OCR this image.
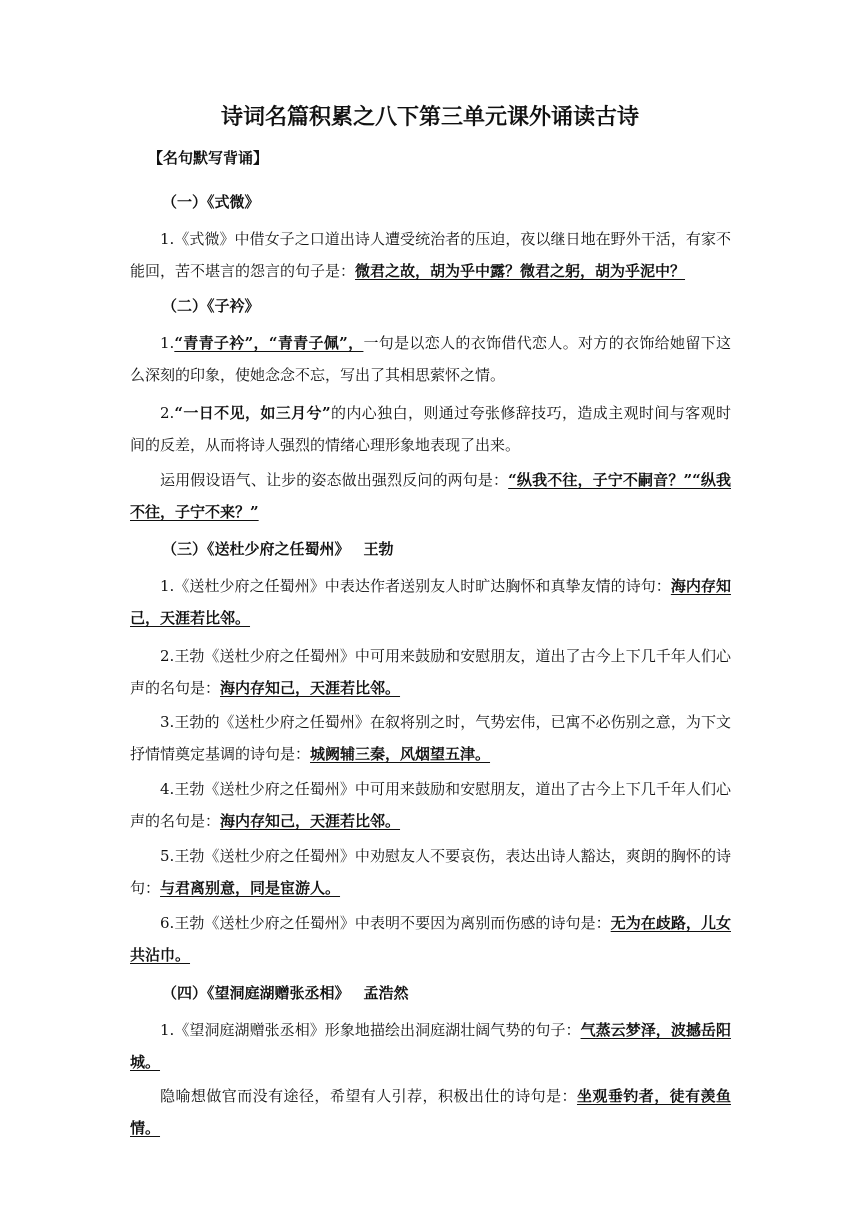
诗词名篇积累之八下第三单元课外诵读古诗

【名句默写背诵】

（一）《式微》

1.《式微》中借女子之口道出诗人遭受统治者的压迫，夜以继日地在野外干活，有家不能回，苦不堪言的怨言的句子是：微君之故，胡为乎中露？微君之躬，胡为乎泥中？

（二）《子衿》

1.“青青子衿”，“青青子佩”，一句是以恋人的衣饰借代恋人。对方的衣饰给她留下这么深刻的印象，使她念念不忘，写出了其相思萦怀之情。

2.“一日不见，如三月兮”的内心独白，则通过夸张修辞技巧，造成主观时间与客观时间的反差，从而将诗人强烈的情绪心理形象地表现了出来。

运用假设语气、让步的姿态做出强烈反问的两句是：“纵我不往，子宁不嗣音？”“纵我不往，子宁不来？”

（三）《送杜少府之任蜀州》 王勃

1.《送杜少府之任蜀州》中表达作者送别友人时旷达胸怀和真挚友情的诗句：海内存知己，天涯若比邻。

2.王勃《送杜少府之任蜀州》中可用来鼓励和安慰朋友，道出了古今上下几千年人们心声的名句是：海内存知己，天涯若比邻。

3.王勃的《送杜少府之任蜀州》在叙将别之时，气势宏伟，已寓不必伤别之意，为下文抒情情奠定基调的诗句是：城阙辅三秦，风烟望五津。

4.王勃《送杜少府之任蜀州》中可用来鼓励和安慰朋友，道出了古今上下几千年人们心声的名句是：海内存知己，天涯若比邻。

5.王勃《送杜少府之任蜀州》中劝慰友人不要哀伤，表达出诗人豁达，爽朗的胸怀的诗句：与君离别意，同是宦游人。

6.王勃《送杜少府之任蜀州》中表明不要因为离别而伤感的诗句是：无为在歧路，儿女共沾巾。

（四）《望洞庭湖赠张丞相》 孟浩然

1.《望洞庭湖赠张丞相》形象地描绘出洞庭湖壮阔气势的句子：气蒸云梦泽，波撼岳阳城。

隐喻想做官而没有途径，希望有人引荐，积极出仕的诗句是：坐观垂钓者，徒有羡鱼情。
